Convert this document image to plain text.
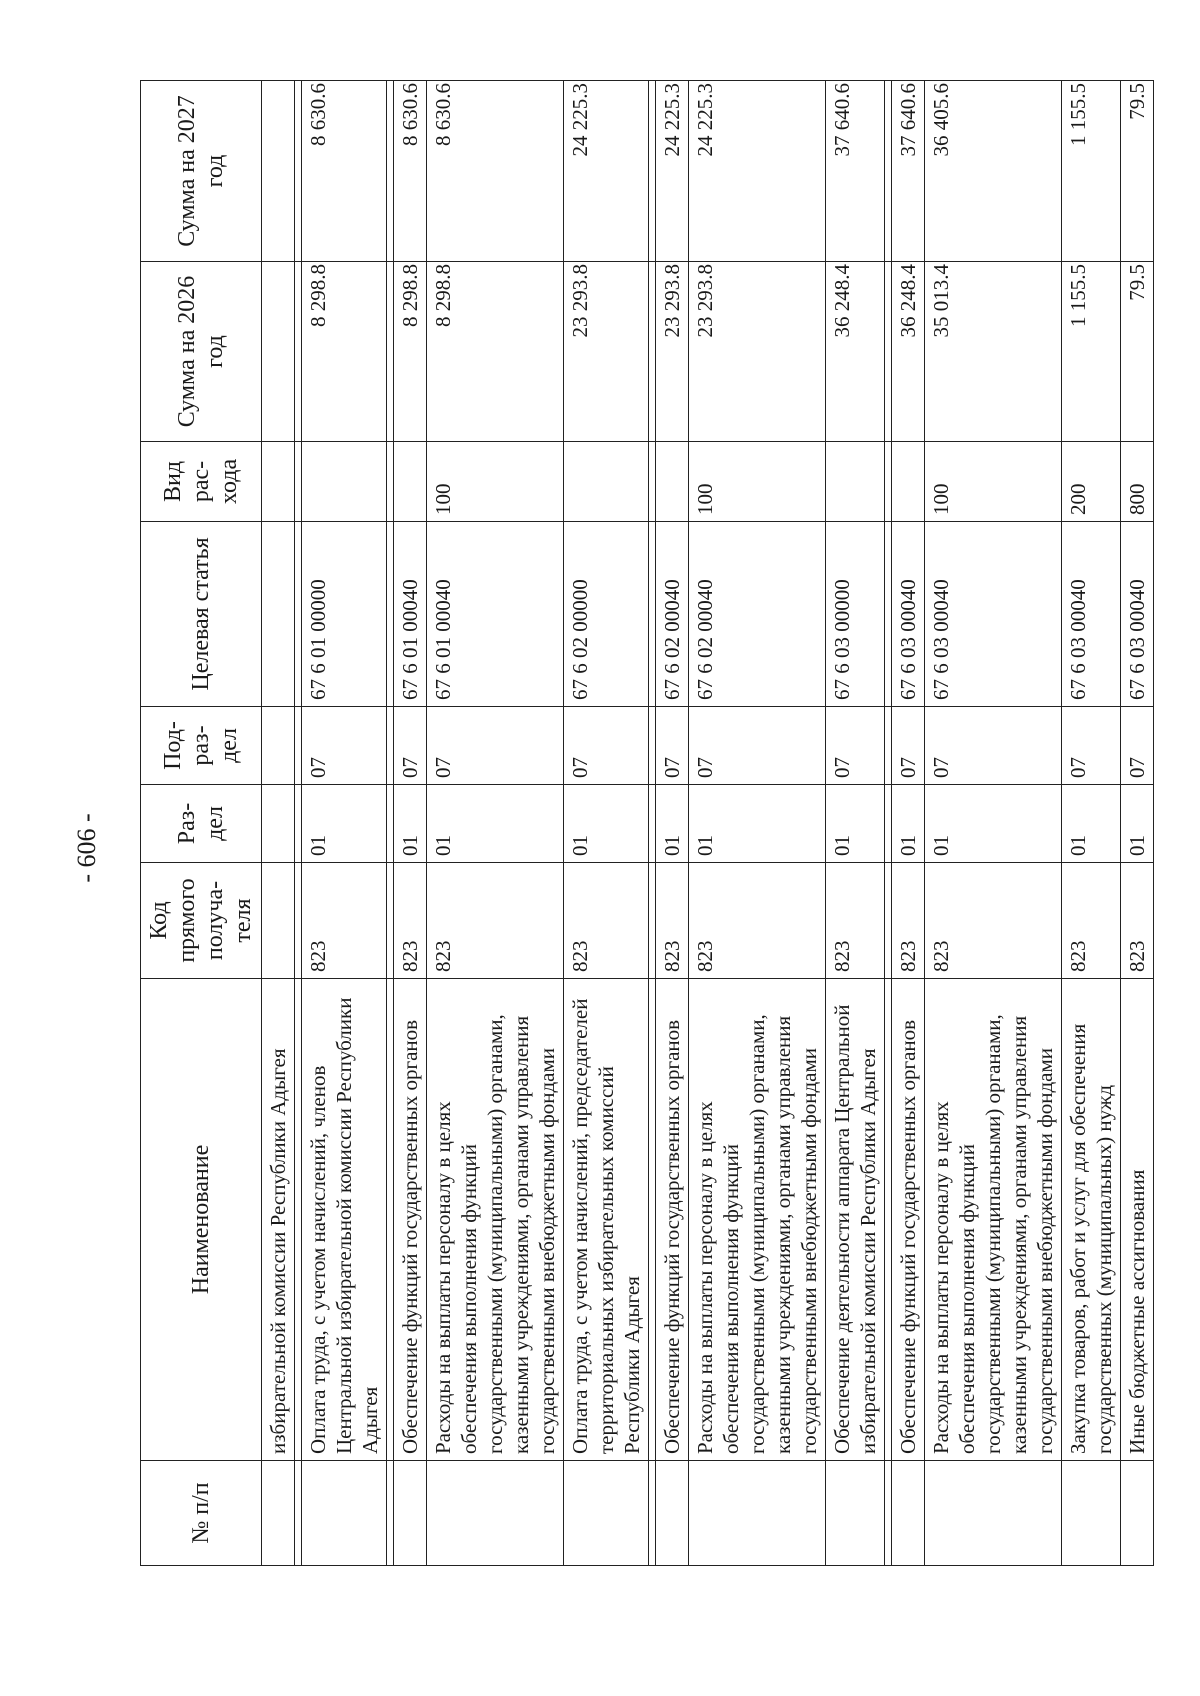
- 606 -
№ п/п	Наименование	Код прямого получа-теля	Раз-дел	Под-раз-дел	Целевая статья	Вид рас-хода	Сумма на 2026 год	Сумма на 2027 год
	избирательной комиссии Республики Адыгея							

	Оплата труда, с учетом начислений, членов Центральной избирательной комиссии Республики Адыгея	823	01	07	67 6 01 00000		8 298.8	8 630.6

	Обеспечение функций государственных органов	823	01	07	67 6 01 00040		8 298.8	8 630.6
	Расходы на выплаты персоналу в целях обеспечения выполнения функций государственными (муниципальными) органами, казенными учреждениями, органами управления государственными внебюджетными фондами	823	01	07	67 6 01 00040	100	8 298.8	8 630.6
	Оплата труда, с учетом начислений, председателей территориальных избирательных комиссий Республики Адыгея	823	01	07	67 6 02 00000		23 293.8	24 225.3

	Обеспечение функций государственных органов	823	01	07	67 6 02 00040		23 293.8	24 225.3
	Расходы на выплаты персоналу в целях обеспечения выполнения функций государственными (муниципальными) органами, казенными учреждениями, органами управления государственными внебюджетными фондами	823	01	07	67 6 02 00040	100	23 293.8	24 225.3
	Обеспечение деятельности аппарата Центральной избирательной комиссии Республики Адыгея	823	01	07	67 6 03 00000		36 248.4	37 640.6

	Обеспечение функций государственных органов	823	01	07	67 6 03 00040		36 248.4	37 640.6
	Расходы на выплаты персоналу в целях обеспечения выполнения функций государственными (муниципальными) органами, казенными учреждениями, органами управления государственными внебюджетными фондами	823	01	07	67 6 03 00040	100	35 013.4	36 405.6
	Закупка товаров, работ и услуг для обеспечения государственных (муниципальных) нужд	823	01	07	67 6 03 00040	200	1 155.5	1 155.5
	Иные бюджетные ассигнования	823	01	07	67 6 03 00040	800	79.5	79.5
